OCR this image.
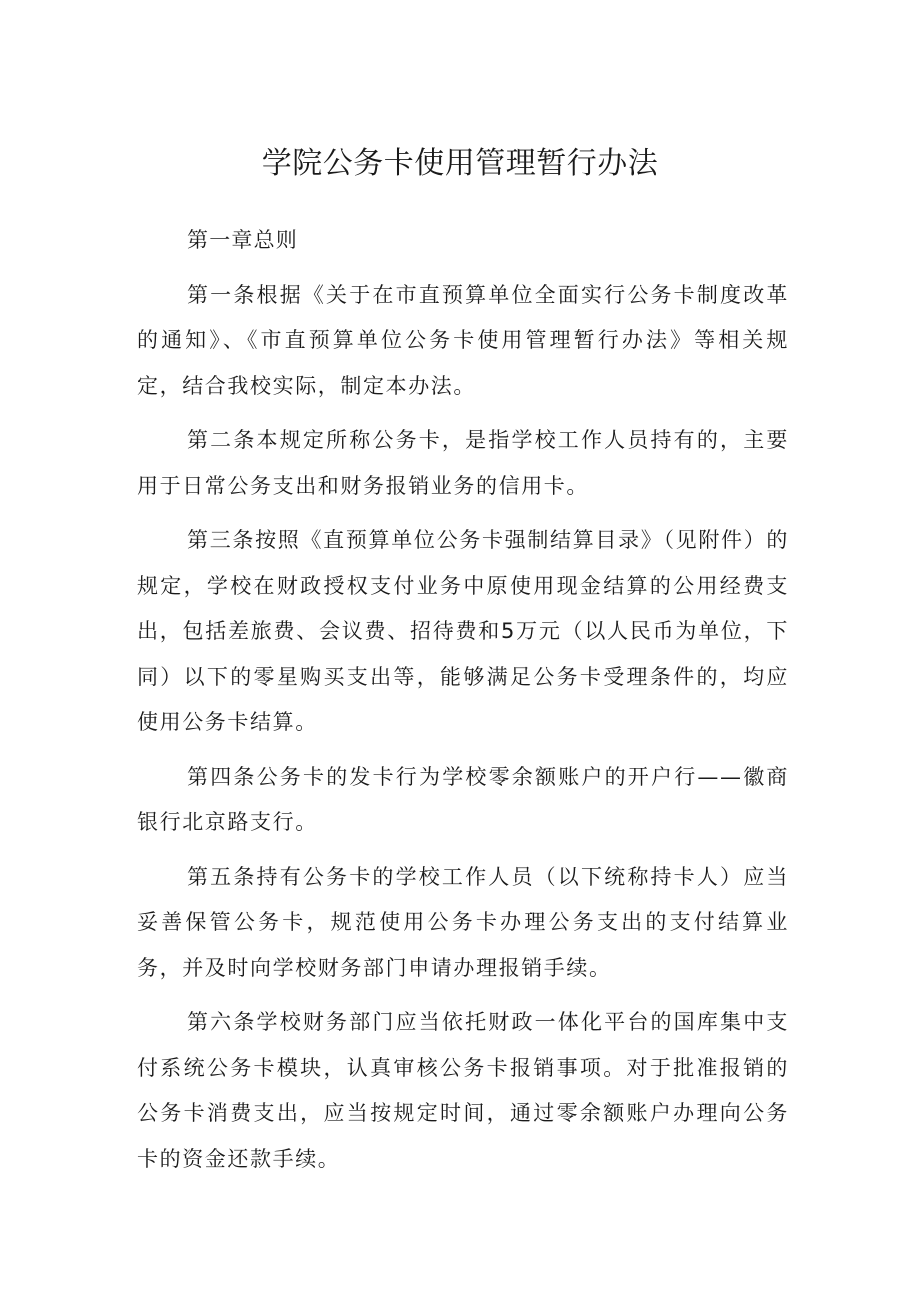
学院公务卡使用管理暂行办法

第一章总则

第一条根据《关于在市直预算单位全面实行公务卡制度改革的通知》、《市直预算单位公务卡使用管理暂行办法》等相关规定，结合我校实际，制定本办法。

第二条本规定所称公务卡，是指学校工作人员持有的，主要用于日常公务支出和财务报销业务的信用卡。

第三条按照《直预算单位公务卡强制结算目录》（见附件）的规定，学校在财政授权支付业务中原使用现金结算的公用经费支出，包括差旅费、会议费、招待费和5万元（以人民币为单位，下同）以下的零星购买支出等，能够满足公务卡受理条件的，均应使用公务卡结算。

第四条公务卡的发卡行为学校零余额账户的开户行——徽商银行北京路支行。

第五条持有公务卡的学校工作人员（以下统称持卡人）应当妥善保管公务卡，规范使用公务卡办理公务支出的支付结算业务，并及时向学校财务部门申请办理报销手续。

第六条学校财务部门应当依托财政一体化平台的国库集中支付系统公务卡模块，认真审核公务卡报销事项。对于批准报销的公务卡消费支出，应当按规定时间，通过零余额账户办理向公务卡的资金还款手续。
